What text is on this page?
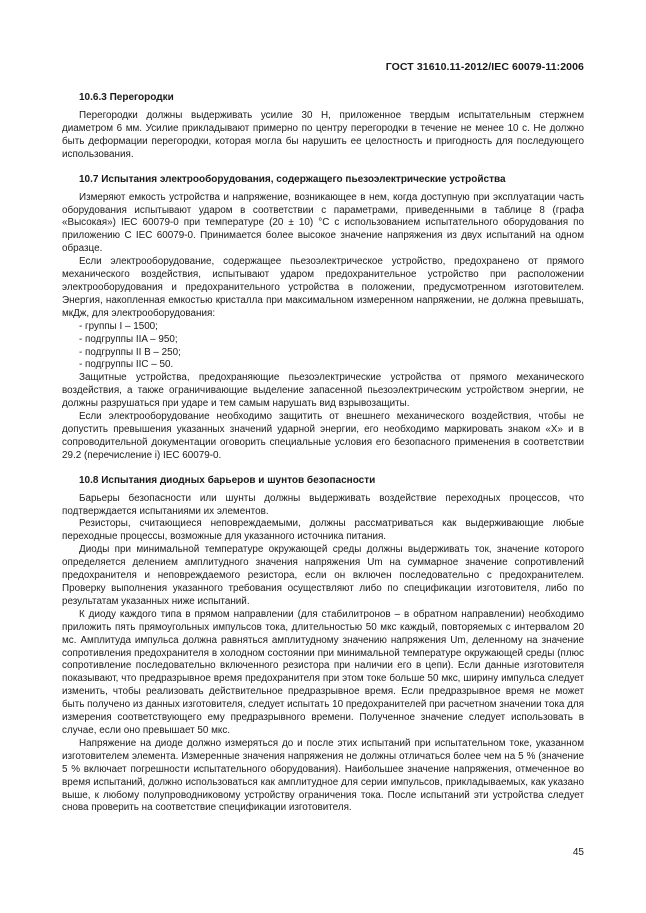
ГОСТ 31610.11-2012/IEC 60079-11:2006
10.6.3 Перегородки

Перегородки должны выдерживать усилие 30 Н, приложенное твердым испытательным стержнем диаметром 6 мм. Усилие прикладывают примерно по центру перегородки в течение не менее 10 с. Не должно быть деформации перегородки, которая могла бы нарушить ее целостность и пригодность для последующего использования.

10.7 Испытания электрооборудования, содержащего пьезоэлектрические устройства

Измеряют емкость устройства и напряжение, возникающее в нем, когда доступную при эксплуатации часть оборудования испытывают ударом в соответствии с параметрами, приведенными в таблице 8 (графа «Высокая») IEC 60079-0 при температуре (20 ± 10) °С с использованием испытательного оборудования по приложению С IEC 60079-0. Принимается более высокое значение напряжения из двух испытаний на одном образце.

Если электрооборудование, содержащее пьезоэлектрическое устройство, предохранено от прямого механического воздействия, испытывают ударом предохранительное устройство при расположении электрооборудования и предохранительного устройства в положении, предусмотренном изготовителем. Энергия, накопленная емкостью кристалла при максимальном измеренном напряжении, не должна превышать, мкДж, для электрооборудования:

- группы I – 1500;

- подгруппы IIA – 950;

- подгруппы II B – 250;

- подгруппы IIC – 50.

Защитные устройства, предохраняющие пьезоэлектрические устройства от прямого механического воздействия, а также ограничивающие выделение запасенной пьезоэлектрическим устройством энергии, не должны разрушаться при ударе и тем самым нарушать вид взрывозащиты.

Если электрооборудование необходимо защитить от внешнего механического воздействия, чтобы не допустить превышения указанных значений ударной энергии, его необходимо маркировать знаком «Х» и в сопроводительной документации оговорить специальные условия его безопасного применения в соответствии 29.2 (перечисление i) IEC 60079-0.

10.8 Испытания диодных барьеров и шунтов безопасности

Барьеры безопасности или шунты должны выдерживать воздействие переходных процессов, что подтверждается испытаниями их элементов.

Резисторы, считающиеся неповреждаемыми, должны рассматриваться как выдерживающие любые переходные процессы, возможные для указанного источника питания.

Диоды при минимальной температуре окружающей среды должны выдерживать ток, значение которого определяется делением амплитудного значения напряжения Um на суммарное значение сопротивлений предохранителя и неповреждаемого резистора, если он включен последовательно с предохранителем. Проверку выполнения указанного требования осуществляют либо по спецификации изготовителя, либо по результатам указанных ниже испытаний.

К диоду каждого типа в прямом направлении (для стабилитронов – в обратном направлении) необходимо приложить пять прямоугольных импульсов тока, длительностью 50 мкс каждый, повторяемых с интервалом 20 мс. Амплитуда импульса должна равняться амплитудному значению напряжения Um, деленному на значение сопротивления предохранителя в холодном состоянии при минимальной температуре окружающей среды (плюс сопротивление последовательно включенного резистора при наличии его в цепи). Если данные изготовителя показывают, что предразрывное время предохранителя при этом токе больше 50 мкс, ширину импульса следует изменить, чтобы реализовать действительное предразрывное время. Если предразрывное время не может быть получено из данных изготовителя, следует испытать 10 предохранителей при расчетном значении тока для измерения соответствующего ему предразрывного времени. Полученное значение следует использовать в случае, если оно превышает 50 мкс.

Напряжение на диоде должно измеряться до и после этих испытаний при испытательном токе, указанном изготовителем элемента. Измеренные значения напряжения не должны отличаться более чем на 5 % (значение 5 % включает погрешности испытательного оборудования). Наибольшее значение напряжения, отмеченное во время испытаний, должно использоваться как амплитудное для серии импульсов, прикладываемых, как указано выше, к любому полупроводниковому устройству ограничения тока. После испытаний эти устройства следует снова проверить на соответствие спецификации изготовителя.

45
